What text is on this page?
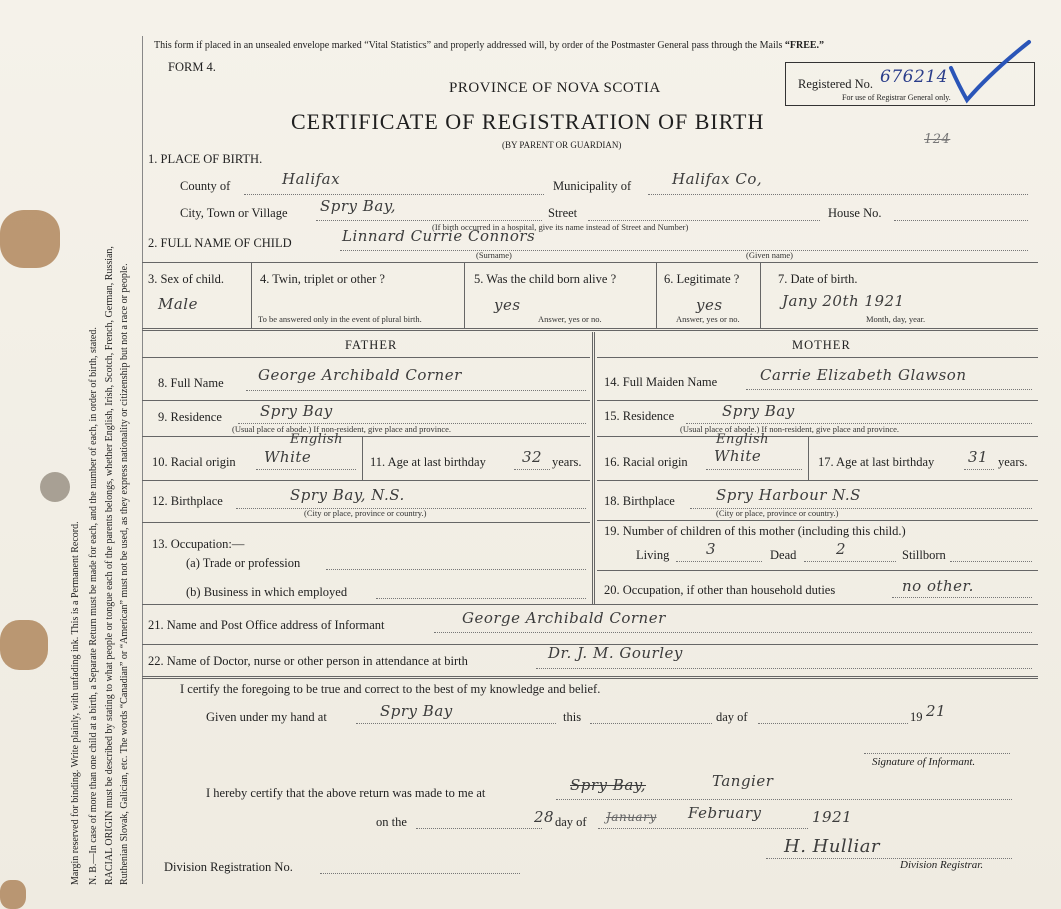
Margin reserved for binding. Write plainly, with unfading ink. This is a Permanent Record. N. B.—In case of more than one child at a birth, a Separate Return must be made for each, and the number of each, in order of birth, stated. RACIAL ORIGIN must be described by stating to what people or tongue each of the parents belongs, whether English, Irish, Scotch, French, German, Russian, Ruthenian Slovak, Galician, etc. The words “Canadian” or “American” must not be used, as they express nationality or citizenship but not a race or people.
This form if placed in an unsealed envelope marked “Vital Statistics” and properly addressed will, by order of the Postmaster General pass through the Mails “FREE.”
FORM 4.
PROVINCE OF NOVA SCOTIA
CERTIFICATE OF REGISTRATION OF BIRTH
(BY PARENT OR GUARDIAN)
Registered No. 676214
For use of Registrar General only.
124
1. PLACE OF BIRTH.
County of	Halifax	Municipality of	Halifax Co,
City, Town or Village Spry Bay,	Street	House No.
(If birth occurred in a hospital, give its name instead of Street and Number)
2. FULL NAME OF CHILD	Linnard Currie Connors
(Surname)	(Given name)
3. Sex of child.
Male
4. Twin, triplet or other ?
To be answered only in the event of plural birth.
5. Was the child born alive ?
yes
Answer, yes or no.
6. Legitimate ?
yes
Answer, yes or no.
7. Date of birth.
Jany 20th 1921
Month, day, year.
FATHER	MOTHER
8. Full Name George Archibald Corner
9. Residence	Spry Bay
(Usual place of abode.) If non-resident, give place and province.
10. Racial origin White
English
11. Age at last birthday 32 years.
12. Birthplace	Spry Bay, N.S.
(City or place, province or country.)
13. Occupation:—
(a) Trade or profession
(b) Business in which employed
14. Full Maiden Name	Carrie Elizabeth Glawson
15. Residence	Spry Bay
(Usual place of abode.) If non-resident, give place and province.
16. Racial origin White
English
17. Age at last birthday 31 years.
18. Birthplace	Spry Harbour N.S
(City or place, province or country.)
19. Number of children of this mother (including this child.)
Living 3	Dead	2	Stillborn
20. Occupation, if other than household duties	no other.
21. Name and Post Office address of Informant	George Archibald Corner
22. Name of Doctor, nurse or other person in attendance at birth	Dr. J. M. Gourley
I certify the foregoing to be true and correct to the best of my knowledge and belief.
Given under my hand at	Spry Bay	this	day of	19 21
Signature of Informant.
I hereby certify that the above return was made to me at	Spry Bay,	Tangier
on the	28 day of January February	1921
H. Hulliar
Division Registrar.
Division Registration No.
